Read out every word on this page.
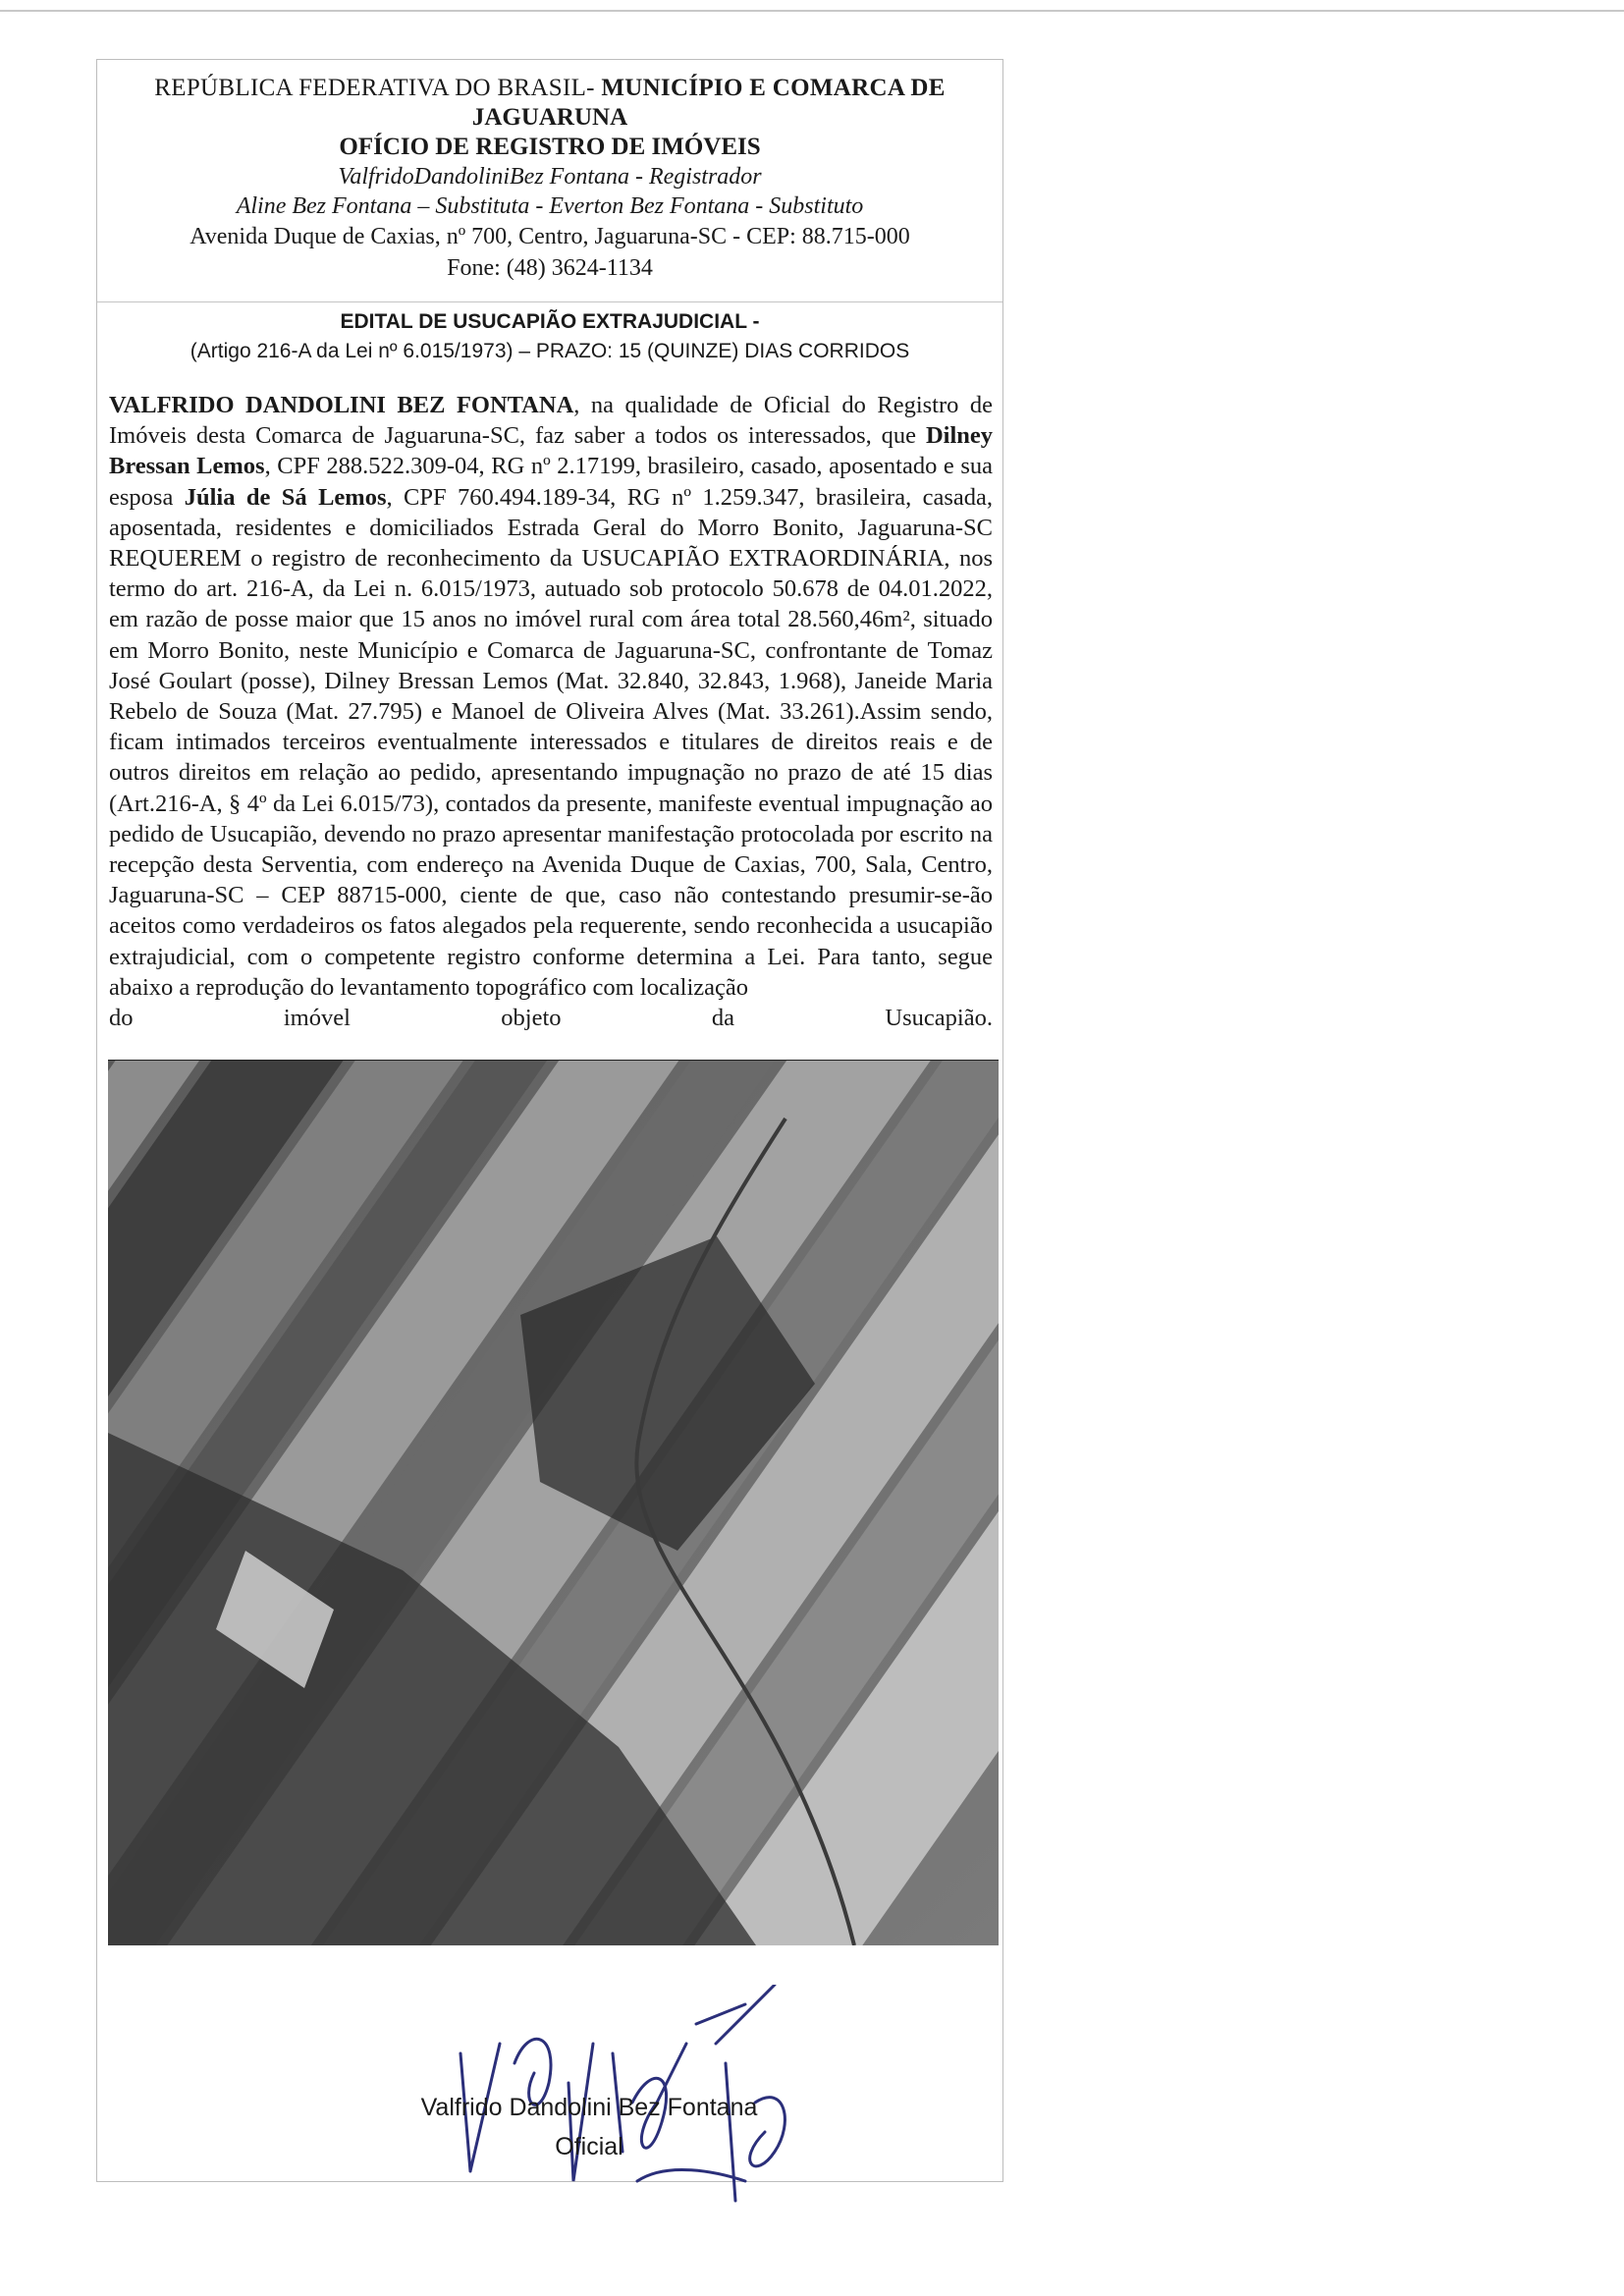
REPÚBLICA FEDERATIVA DO BRASIL- MUNICÍPIO E COMARCA DE
JAGUARUNA
OFÍCIO DE REGISTRO DE IMÓVEIS
ValfridoDandoliniBez Fontana - Registrador
Aline Bez Fontana – Substituta - Everton Bez Fontana - Substituto
Avenida Duque de Caxias, nº 700, Centro, Jaguaruna-SC - CEP: 88.715-000
Fone: (48) 3624-1134
EDITAL DE USUCAPIÃO EXTRAJUDICIAL -
(Artigo 216-A da Lei nº 6.015/1973) – PRAZO: 15 (QUINZE) DIAS CORRIDOS
VALFRIDO DANDOLINI BEZ FONTANA, na qualidade de Oficial do Registro de Imóveis desta Comarca de Jaguaruna-SC, faz saber a todos os interessados, que Dilney Bressan Lemos, CPF 288.522.309-04, RG nº 2.17199, brasileiro, casado, aposentado e sua esposa Júlia de Sá Lemos, CPF 760.494.189-34, RG nº 1.259.347, brasileira, casada, aposentada, residentes e domiciliados Estrada Geral do Morro Bonito, Jaguaruna-SC REQUEREM o registro de reconhecimento da USUCAPIÃO EXTRAORDINÁRIA, nos termo do art. 216-A, da Lei n. 6.015/1973, autuado sob protocolo 50.678 de 04.01.2022, em razão de posse maior que 15 anos no imóvel rural com área total 28.560,46m², situado em Morro Bonito, neste Município e Comarca de Jaguaruna-SC, confrontante de Tomaz José Goulart (posse), Dilney Bressan Lemos (Mat. 32.840, 32.843, 1.968), Janeide Maria Rebelo de Souza (Mat. 27.795) e Manoel de Oliveira Alves (Mat. 33.261).Assim sendo, ficam intimados terceiros eventualmente interessados e titulares de direitos reais e de outros direitos em relação ao pedido, apresentando impugnação no prazo de até 15 dias (Art.216-A, § 4º da Lei 6.015/73), contados da presente, manifeste eventual impugnação ao pedido de Usucapião, devendo no prazo apresentar manifestação protocolada por escrito na recepção desta Serventia, com endereço na Avenida Duque de Caxias, 700, Sala, Centro, Jaguaruna-SC – CEP 88715-000, ciente de que, caso não contestando presumir-se-ão aceitos como verdadeiros os fatos alegados pela requerente, sendo reconhecida a usucapião extrajudicial, com o competente registro conforme determina a Lei. Para tanto, segue abaixo a reprodução do levantamento topográfico com localização
do	imóvel	objeto	da	Usucapião.
Valfrido Dandolini Bez Fontana
Oficial
